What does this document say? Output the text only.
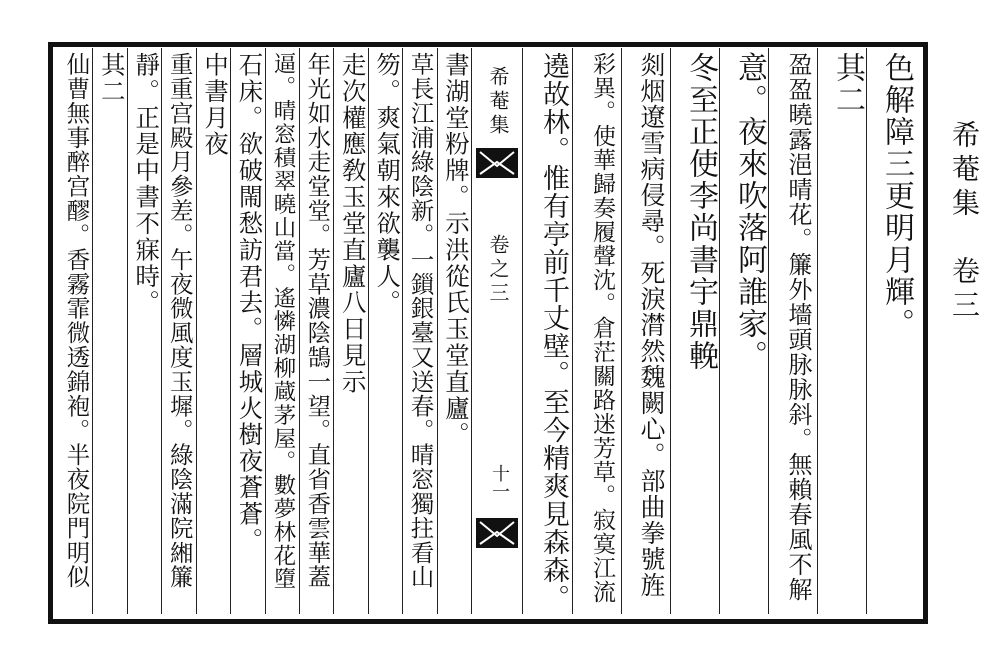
希菴集　卷三
色解障三更明月輝。
其二
盈盈曉露浥晴花。簾外墻頭脉脉斜。無賴春風不解
意。夜來吹落阿誰家。
冬至正使李尚書宇鼎輓
剡烟遼雪病侵尋。死淚潸然魏闕心。部曲拳號旌
彩異。使華歸奏履聲沈。倉茫關路迷芳草。寂寞江流
遶故林。惟有亭前千丈壁。至今精爽見森森。
希菴集
卷之三
十一
書湖堂粉牌。示洪從氏玉堂直廬。
草長江浦綠陰新。一鎻銀臺又送春。晴窓獨拄看山
笏。爽氣朝來欲襲人。
走次權應敎玉堂直廬八日見示
年光如水走堂堂。芳草濃陰鵠一望。直省香雲華蓋
逼。晴窓積翠曉山當。遙憐湖柳蔵茅屋。數夢林花墮
石床。欲破閙愁訪君去。層城火樹夜蒼蒼。
中書月夜
重重宫殿月參差。午夜微風度玉墀。綠陰滿院緗簾
靜。正是中書不寐時。
其二
仙曹無事醉宫醪。香霧霏微透錦袍。半夜院門明似
